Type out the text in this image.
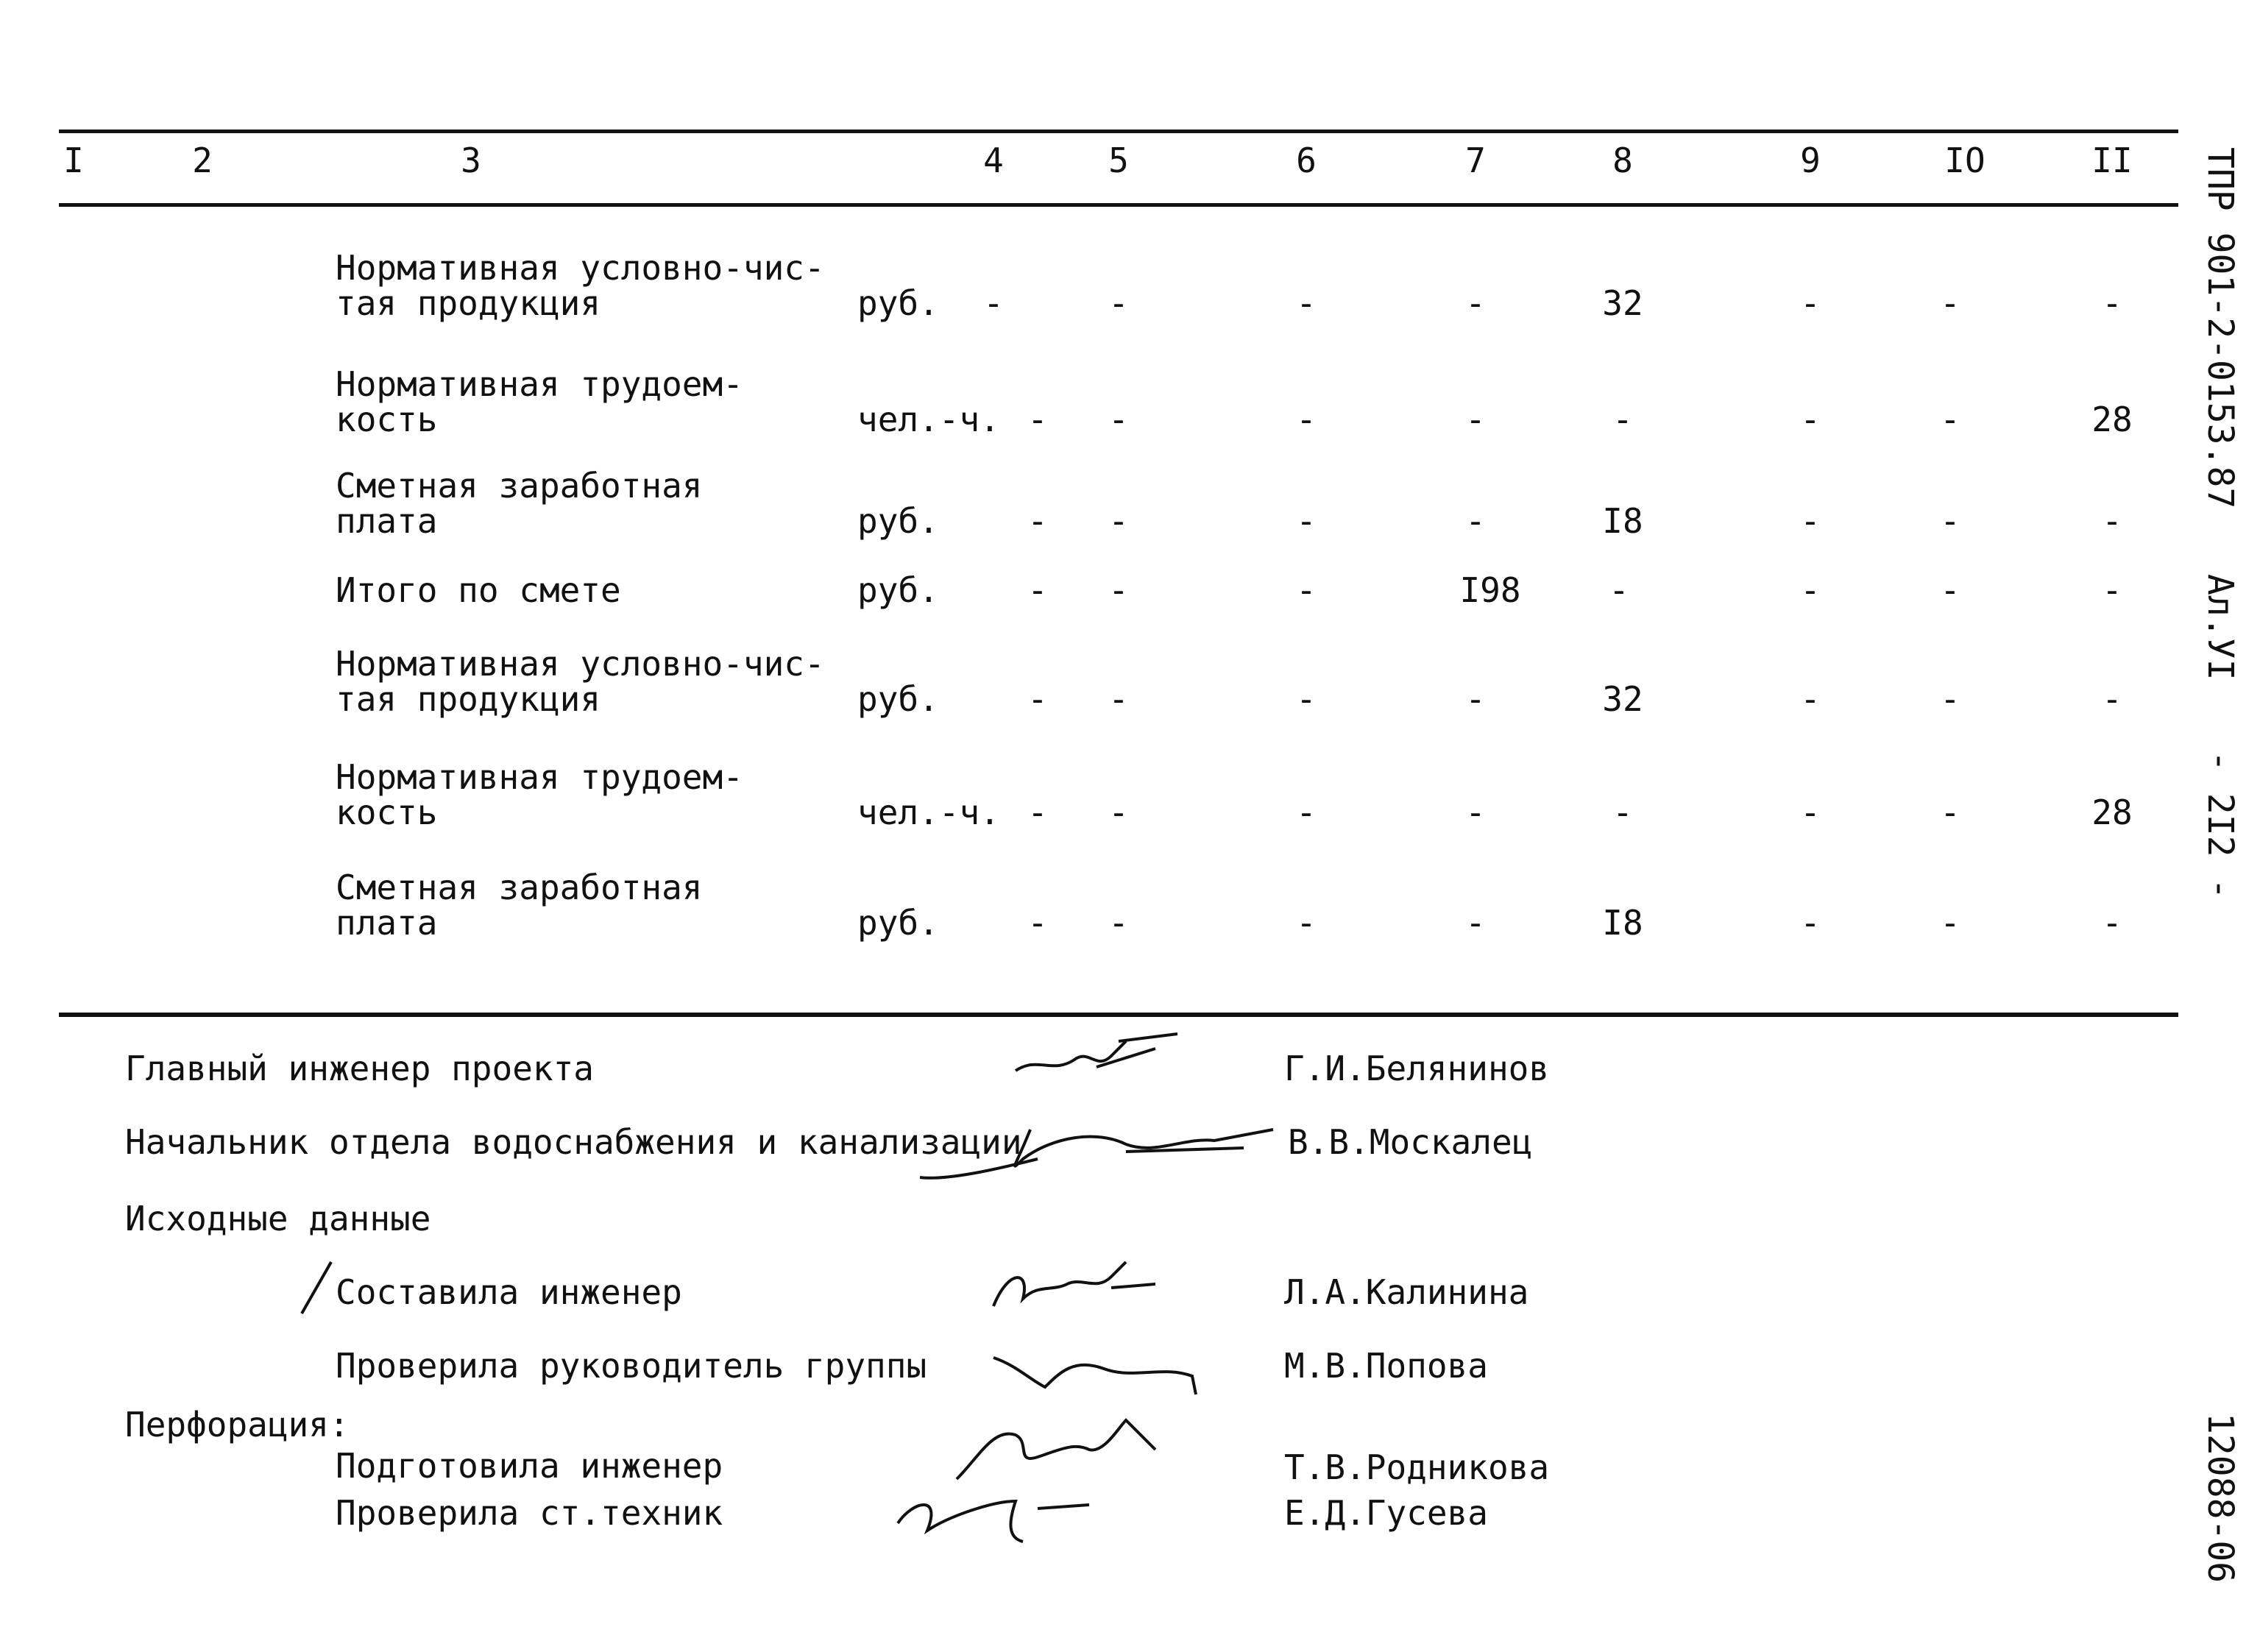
I	2	3	4	5	6	7	8	9	IO	II
Нормативная условно-чис-
тая продукция	руб.	-	-	-	-	32	-	-	-
Нормативная трудоем-
кость	чел.-ч. -	-	-	-	-	-	-	28
Сметная заработная
плата	руб.	-	-	-	-	I8	-	-	-
Итого по смете	руб.	-	-	-	I98	-	-	-	-
Нормативная условно-чис-
тая продукция	руб.	-	-	-	-	32	-	-	-
Нормативная трудоем-
кость	чел.-ч. -	-	-	-	-	-	-	28
Сметная заработная
плата	руб.	-	-	-	-	I8	-	-	-
Главный инженер проекта	Г.И.Белянинов
Начальник отдела водоснабжения и канализации	В.В.Москалец
Исходные данные
Составила инженер	Л.А.Калинина
Проверила руководитель группы	М.В.Попова
Перфорация:
Подготовила инженер	Т.В.Родникова
Проверила ст.техник	Е.Д.Гусева
ТПР 901-2-0153.87
Ал.УI
- 2I2 -
12088-06
